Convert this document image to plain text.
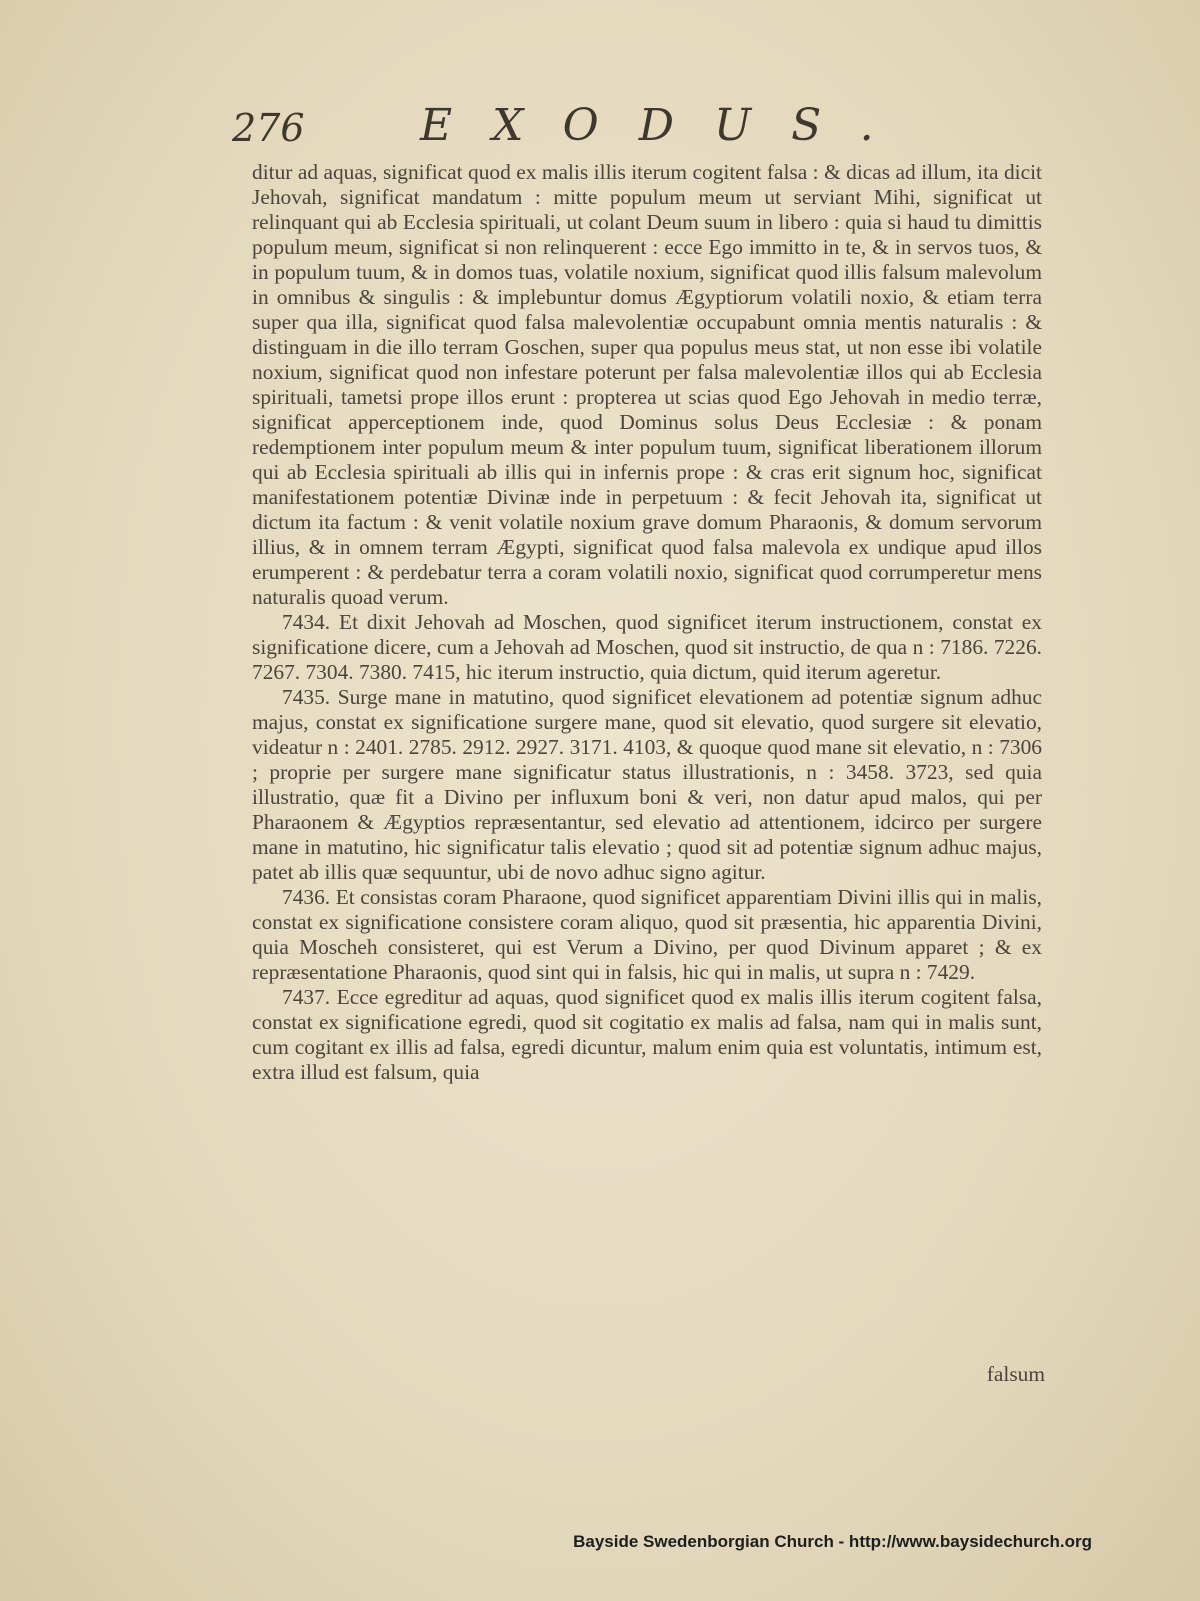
276	EXODUS.

ditur ad aquas, significat quod ex malis illis iterum cogitent falsa : & dicas ad illum, ita dicit Jehovah, significat mandatum : mitte populum meum ut serviant Mihi, significat ut relinquant qui ab Ecclesia spirituali, ut colant Deum suum in libero : quia si haud tu dimittis populum meum, significat si non relinquerent : ecce Ego immitto in te, & in servos tuos, & in populum tuum, & in domos tuas, volatile noxium, significat quod illis falsum malevolum in omnibus & singulis : & implebuntur domus Ægyptiorum volatili noxio, & etiam terra super qua illa, significat quod falsa malevolentiæ occupabunt omnia mentis naturalis : & distinguam in die illo terram Goschen, super qua populus meus stat, ut non esse ibi volatile noxium, significat quod non infestare poterunt per falsa malevolentiæ illos qui ab Ecclesia spirituali, tametsi prope illos erunt : propterea ut scias quod Ego Jehovah in medio terræ, significat apperceptionem inde, quod Dominus solus Deus Ecclesiæ : & ponam redemptionem inter populum meum & inter populum tuum, significat liberationem illorum qui ab Ecclesia spirituali ab illis qui in infernis prope : & cras erit signum hoc, significat manifestationem potentiæ Divinæ inde in perpetuum : & fecit Jehovah ita, significat ut dictum ita factum : & venit volatile noxium grave domum Pharaonis, & domum servorum illius, & in omnem terram Ægypti, significat quod falsa malevola ex undique apud illos erumperent : & perdebatur terra a coram volatili noxio, significat quod corrumperetur mens naturalis quoad verum.

7434. Et dixit Jehovah ad Moschen, quod significet iterum instructionem, constat ex significatione dicere, cum a Jehovah ad Moschen, quod sit instructio, de qua n : 7186. 7226. 7267. 7304. 7380. 7415, hic iterum instructio, quia dictum, quid iterum ageretur.

7435. Surge mane in matutino, quod significet elevationem ad potentiæ signum adhuc majus, constat ex significatione surgere mane, quod sit elevatio, quod surgere sit elevatio, videatur n : 2401. 2785. 2912. 2927. 3171. 4103, & quoque quod mane sit elevatio, n : 7306 ; proprie per surgere mane significatur status illustrationis, n : 3458. 3723, sed quia illustratio, quæ fit a Divino per influxum boni & veri, non datur apud malos, qui per Pharaonem & Ægyptios repræsentantur, sed elevatio ad attentionem, idcirco per surgere mane in matutino, hic significatur talis elevatio ; quod sit ad potentiæ signum adhuc majus, patet ab illis quæ sequuntur, ubi de novo adhuc signo agitur.

7436. Et consistas coram Pharaone, quod significet apparentiam Divini illis qui in malis, constat ex significatione consistere coram aliquo, quod sit præsentia, hic apparentia Divini, quia Moscheh consisteret, qui est Verum a Divino, per quod Divinum apparet ; & ex repræsentatione Pharaonis, quod sint qui in falsis, hic qui in malis, ut supra n : 7429.

7437. Ecce egreditur ad aquas, quod significet quod ex malis illis iterum cogitent falsa, constat ex significatione egredi, quod sit cogitatio ex malis ad falsa, nam qui in malis sunt, cum cogitant ex illis ad falsa, egredi dicuntur, malum enim quia est voluntatis, intimum est, extra illud est falsum, quia

falsum
Bayside Swedenborgian Church - http://www.baysidechurch.org
